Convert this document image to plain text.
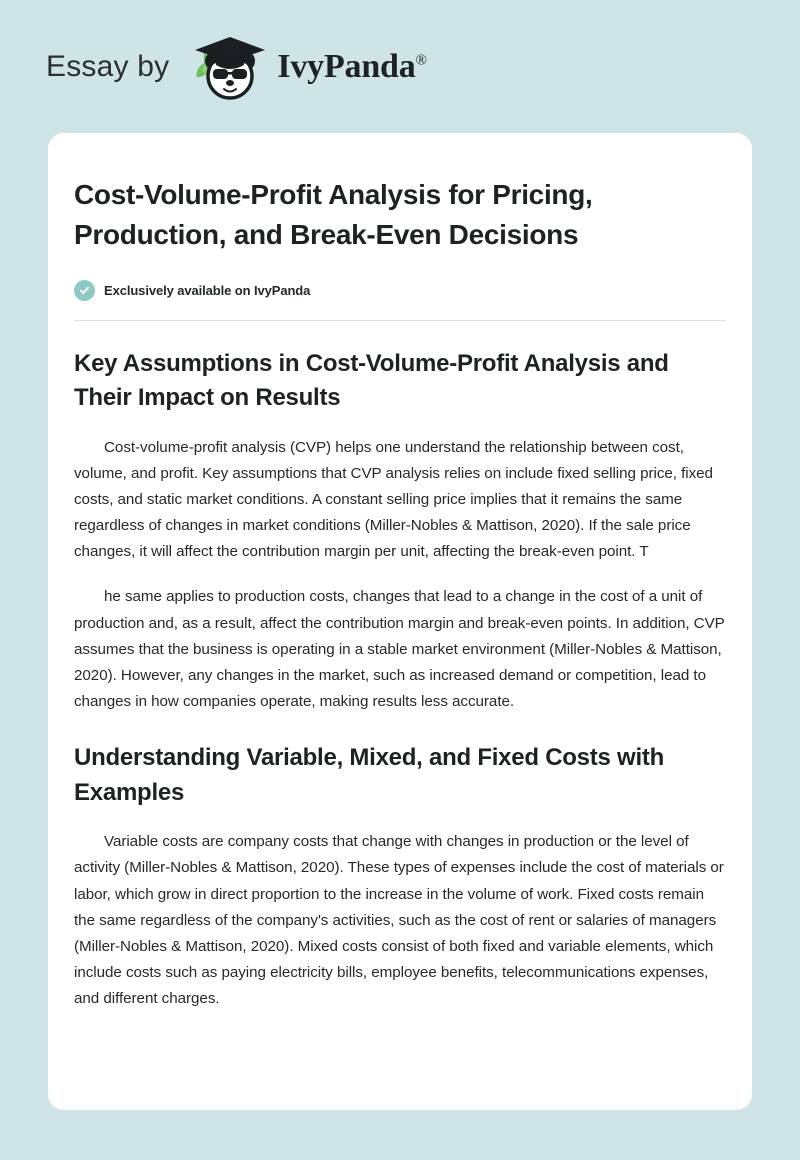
Essay by	IvyPanda®
Cost-Volume-Profit Analysis for Pricing, Production, and Break-Even Decisions
Exclusively available on IvyPanda
Key Assumptions in Cost-Volume-Profit Analysis and Their Impact on Results

Cost-volume-profit analysis (CVP) helps one understand the relationship between cost, volume, and profit. Key assumptions that CVP analysis relies on include fixed selling price, fixed costs, and static market conditions. A constant selling price implies that it remains the same regardless of changes in market conditions (Miller-Nobles & Mattison, 2020). If the sale price changes, it will affect the contribution margin per unit, affecting the break-even point. T

he same applies to production costs, changes that lead to a change in the cost of a unit of production and, as a result, affect the contribution margin and break-even points. In addition, CVP assumes that the business is operating in a stable market environment (Miller-Nobles & Mattison, 2020). However, any changes in the market, such as increased demand or competition, lead to changes in how companies operate, making results less accurate.

Understanding Variable, Mixed, and Fixed Costs with Examples

Variable costs are company costs that change with changes in production or the level of activity (Miller-Nobles & Mattison, 2020). These types of expenses include the cost of materials or labor, which grow in direct proportion to the increase in the volume of work. Fixed costs remain the same regardless of the company's activities, such as the cost of rent or salaries of managers (Miller-Nobles & Mattison, 2020). Mixed costs consist of both fixed and variable elements, which include costs such as paying electricity bills, employee benefits, telecommunications expenses, and different charges.
